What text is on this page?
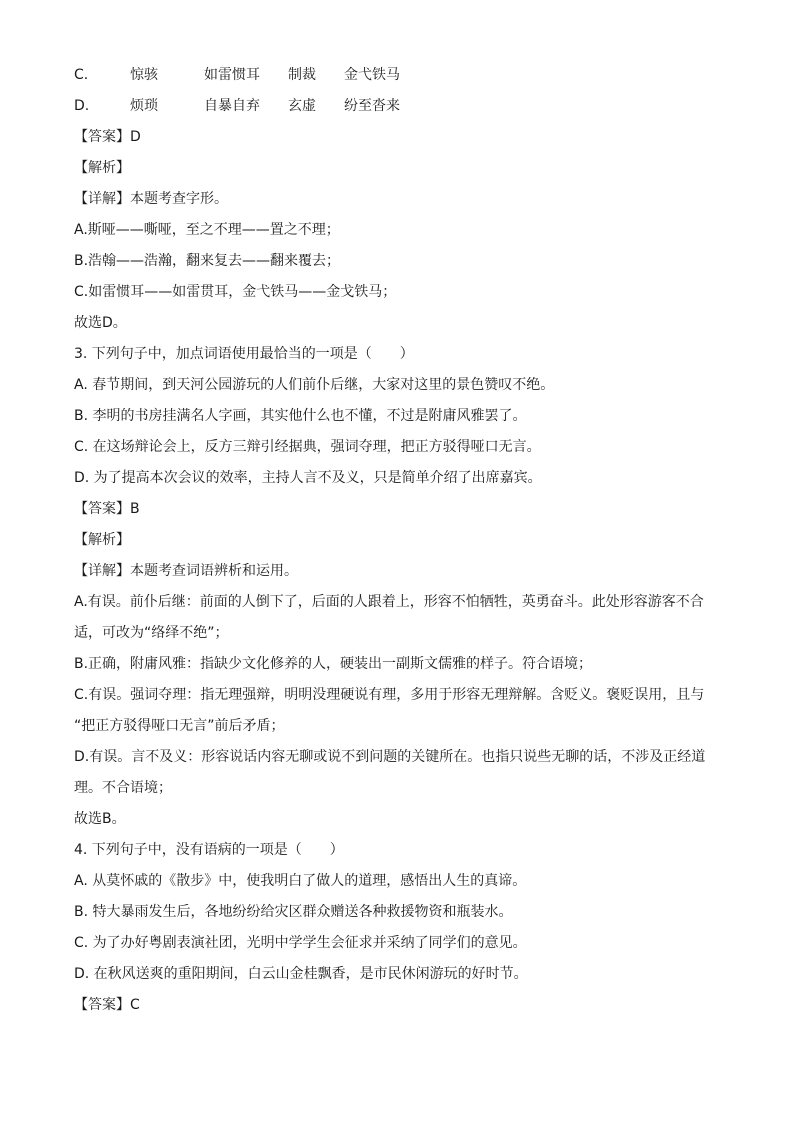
C.	惊骇	如雷惯耳 制裁 金弋铁马
D.	烦琐	自暴自弃 玄虚 纷至沓来
【答案】D
【解析】
【详解】本题考查字形。
A.斯哑——嘶哑，至之不理——置之不理；
B.浩翰——浩瀚，翻来复去——翻来覆去；
C.如雷惯耳——如雷贯耳，金弋铁马——金戈铁马；
故选D。
3. 下列句子中，加点词语使用最恰当的一项是（　　）
A. 春节期间，到天河公园游玩的人们前仆后继，大家对这里的景色赞叹不绝。
B. 李明的书房挂满名人字画，其实他什么也不懂，不过是附庸风雅罢了。
C. 在这场辩论会上，反方三辩引经据典，强词夺理，把正方驳得哑口无言。
D. 为了提高本次会议的效率，主持人言不及义，只是简单介绍了出席嘉宾。
【答案】B
【解析】
【详解】本题考查词语辨析和运用。
A.有误。前仆后继：前面的人倒下了，后面的人跟着上，形容不怕牺牲，英勇奋斗。此处形容游客不合
适，可改为“络绎不绝”；
B.正确，附庸风雅：指缺少文化修养的人，硬装出一副斯文儒雅的样子。符合语境；
C.有误。强词夺理：指无理强辩，明明没理硬说有理，多用于形容无理辩解。含贬义。褒贬误用，且与
“把正方驳得哑口无言”前后矛盾；
D.有误。言不及义：形容说话内容无聊或说不到问题的关键所在。也指只说些无聊的话，不涉及正经道
理。不合语境；
故选B。
4. 下列句子中，没有语病的一项是（　　）
A. 从莫怀戚的《散步》中，使我明白了做人的道理，感悟出人生的真谛。
B. 特大暴雨发生后，各地纷纷给灾区群众赠送各种救援物资和瓶装水。
C. 为了办好粤剧表演社团，光明中学学生会征求并采纳了同学们的意见。
D. 在秋风送爽的重阳期间，白云山金桂飘香，是市民休闲游玩的好时节。
【答案】C
